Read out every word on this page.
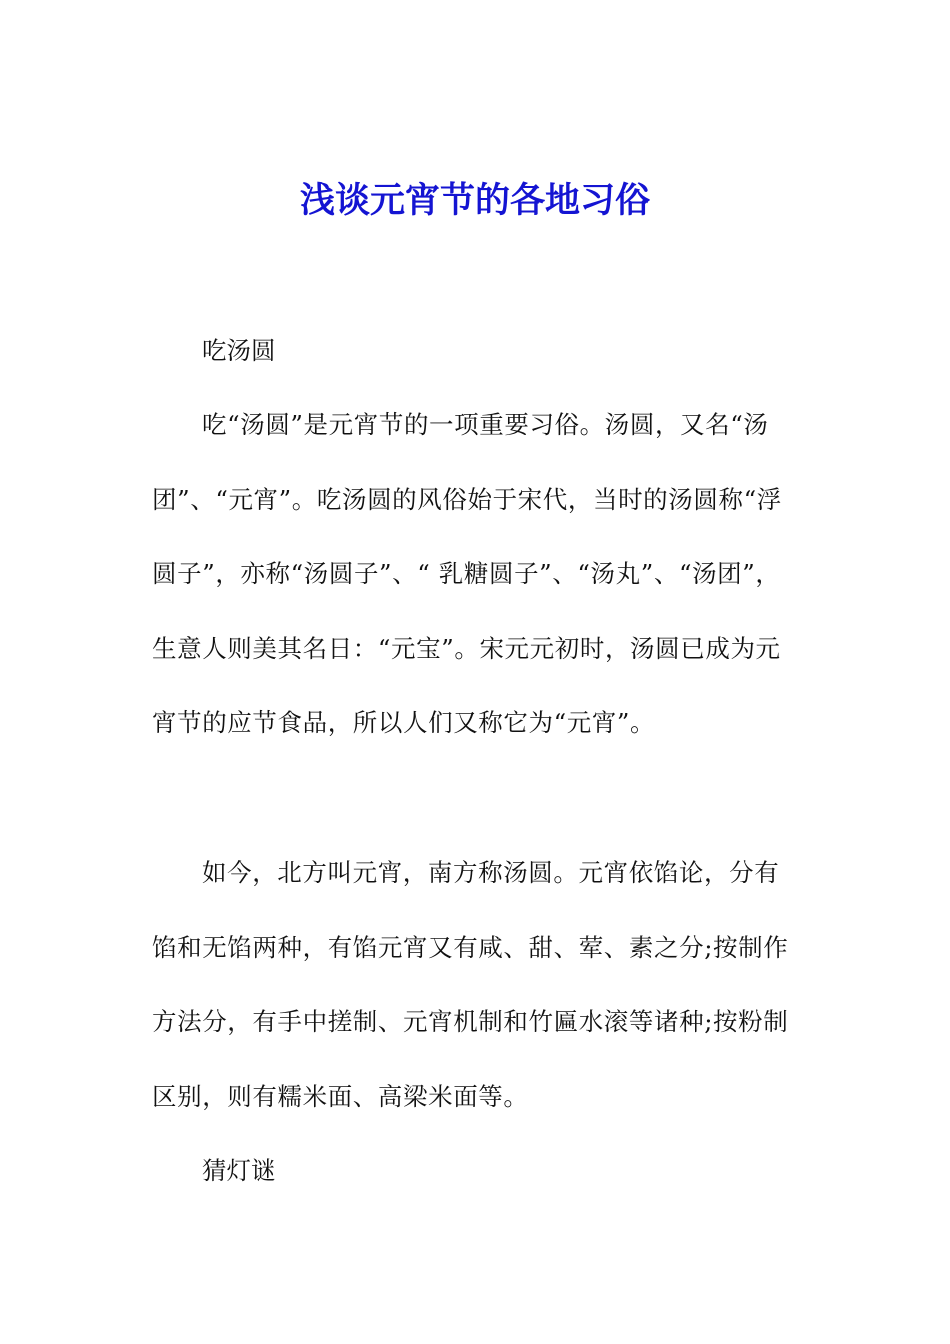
浅谈元宵节的各地习俗

吃汤圆

吃“汤圆”是元宵节的一项重要习俗。汤圆，又名“汤团”、“元宵”。吃汤圆的风俗始于宋代，当时的汤圆称“浮圆子”，亦称“汤圆子”、“ 乳糖圆子”、“汤丸”、“汤团”，生意人则美其名日：“元宝”。宋元元初时，汤圆已成为元宵节的应节食品，所以人们又称它为“元宵”。

如今，北方叫元宵，南方称汤圆。元宵依馅论，分有馅和无馅两种，有馅元宵又有咸、甜、荤、素之分;按制作方法分，有手中搓制、元宵机制和竹匾水滚等诸种;按粉制区别，则有糯米面、高梁米面等。

猜灯谜
